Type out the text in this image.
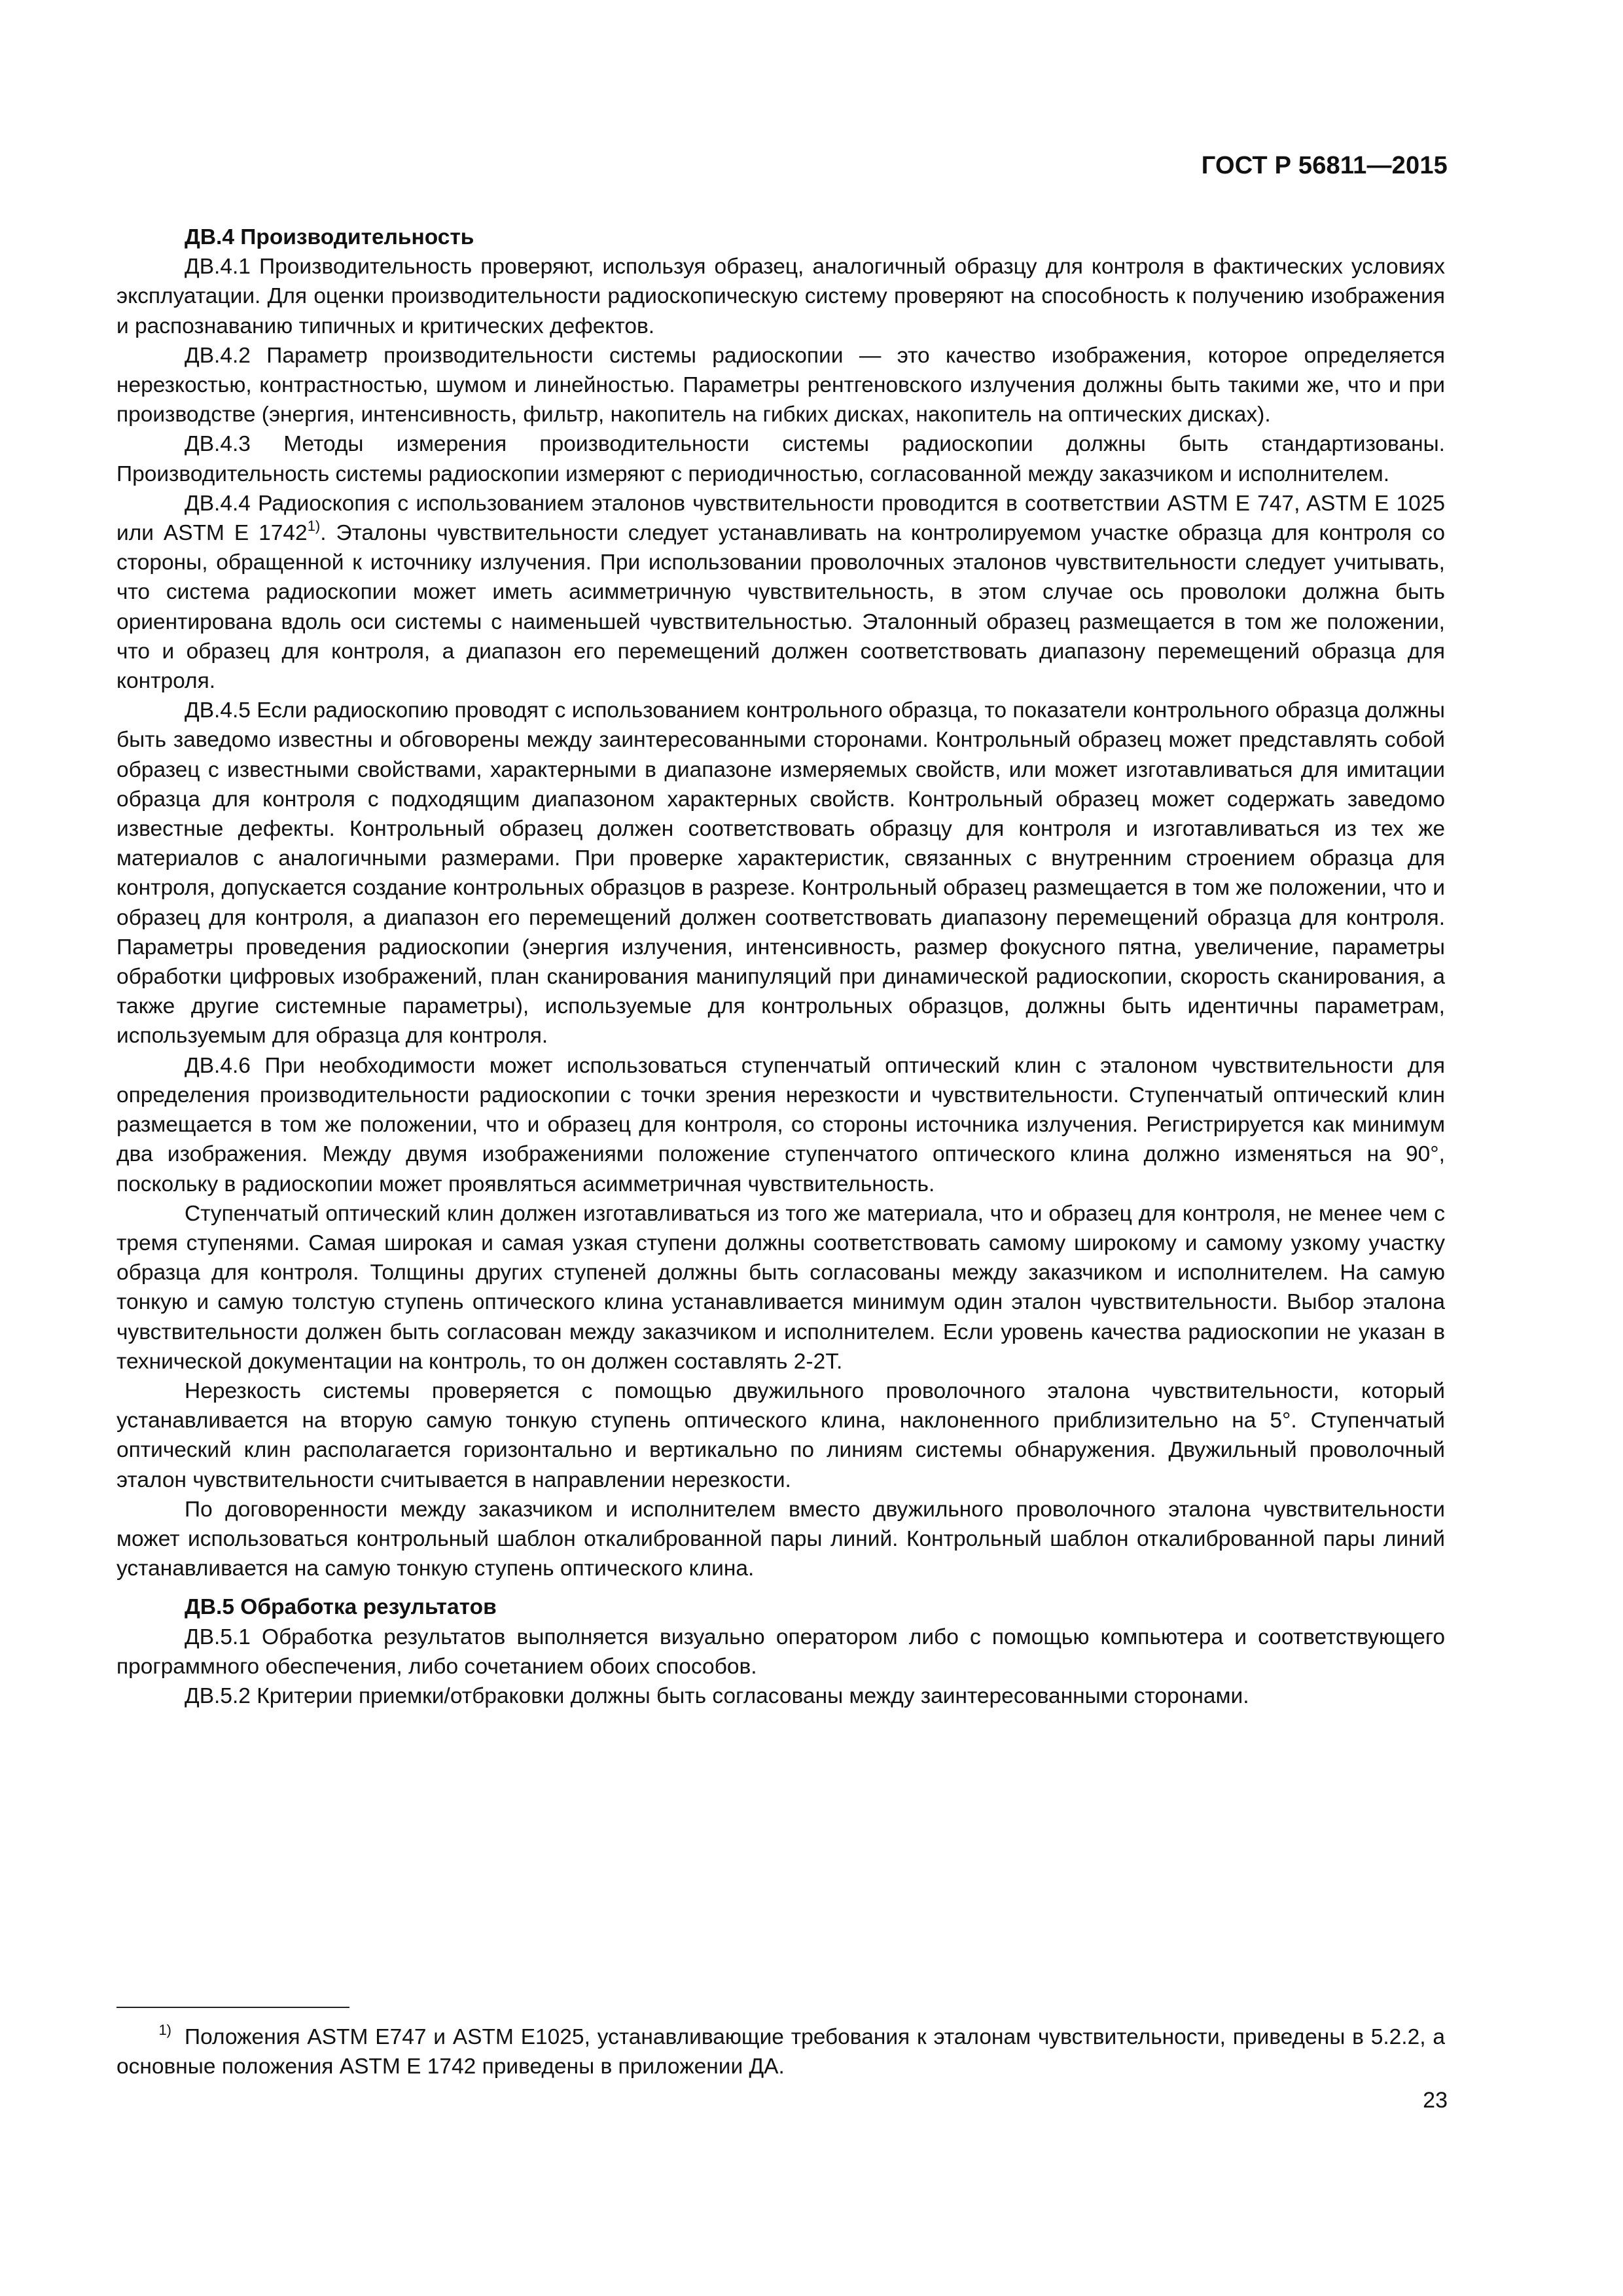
ГОСТ Р 56811—2015

ДВ.4 Производительность

ДВ.4.1 Производительность проверяют, используя образец, аналогичный образцу для контроля в фактических условиях эксплуатации. Для оценки производительности радиоскопическую систему проверяют на способность к получению изображения и распознаванию типичных и критических дефектов.

ДВ.4.2 Параметр производительности системы радиоскопии — это качество изображения, которое определяется нерезкостью, контрастностью, шумом и линейностью. Параметры рентгеновского излучения должны быть такими же, что и при производстве (энергия, интенсивность, фильтр, накопитель на гибких дисках, накопитель на оптических дисках).

ДВ.4.3 Методы измерения производительности системы радиоскопии должны быть стандартизованы. Производительность системы радиоскопии измеряют с периодичностью, согласованной между заказчиком и исполнителем.

ДВ.4.4 Радиоскопия с использованием эталонов чувствительности проводится в соответствии ASTM E 747, ASTM E 1025 или ASTM E 1742$^{1)}$. Эталоны чувствительности следует устанавливать на контролируемом участке образца для контроля со стороны, обращенной к источнику излучения. При использовании проволочных эталонов чувствительности следует учитывать, что система радиоскопии может иметь асимметричную чувствительность, в этом случае ось проволоки должна быть ориентирована вдоль оси системы с наименьшей чувствительностью. Эталонный образец размещается в том же положении, что и образец для контроля, а диапазон его перемещений должен соответствовать диапазону перемещений образца для контроля.

ДВ.4.5 Если радиоскопию проводят с использованием контрольного образца, то показатели контрольного образца должны быть заведомо известны и обговорены между заинтересованными сторонами. Контрольный образец может представлять собой образец с известными свойствами, характерными в диапазоне измеряемых свойств, или может изготавливаться для имитации образца для контроля с подходящим диапазоном характерных свойств. Контрольный образец может содержать заведомо известные дефекты. Контрольный образец должен соответствовать образцу для контроля и изготавливаться из тех же материалов с аналогичными размерами. При проверке характеристик, связанных с внутренним строением образца для контроля, допускается создание контрольных образцов в разрезе. Контрольный образец размещается в том же положении, что и образец для контроля, а диапазон его перемещений должен соответствовать диапазону перемещений образца для контроля. Параметры проведения радиоскопии (энергия излучения, интенсивность, размер фокусного пятна, увеличение, параметры обработки цифровых изображений, план сканирования манипуляций при динамической радиоскопии, скорость сканирования, а также другие системные параметры), используемые для контрольных образцов, должны быть идентичны параметрам, используемым для образца для контроля.

ДВ.4.6 При необходимости может использоваться ступенчатый оптический клин с эталоном чувствительности для определения производительности радиоскопии с точки зрения нерезкости и чувствительности. Ступенчатый оптический клин размещается в том же положении, что и образец для контроля, со стороны источника излучения. Регистрируется как минимум два изображения. Между двумя изображениями положение ступенчатого оптического клина должно изменяться на 90°, поскольку в радиоскопии может проявляться асимметричная чувствительность.

Ступенчатый оптический клин должен изготавливаться из того же материала, что и образец для контроля, не менее чем с тремя ступенями. Самая широкая и самая узкая ступени должны соответствовать самому широкому и самому узкому участку образца для контроля. Толщины других ступеней должны быть согласованы между заказчиком и исполнителем. На самую тонкую и самую толстую ступень оптического клина устанавливается минимум один эталон чувствительности. Выбор эталона чувствительности должен быть согласован между заказчиком и исполнителем. Если уровень качества радиоскопии не указан в технической документации на контроль, то он должен составлять 2-2T.

Нерезкость системы проверяется с помощью двужильного проволочного эталона чувствительности, который устанавливается на вторую самую тонкую ступень оптического клина, наклоненного приблизительно на 5°. Ступенчатый оптический клин располагается горизонтально и вертикально по линиям системы обнаружения. Двужильный проволочный эталон чувствительности считывается в направлении нерезкости.

По договоренности между заказчиком и исполнителем вместо двужильного проволочного эталона чувствительности может использоваться контрольный шаблон откалиброванной пары линий. Контрольный шаблон откалиброванной пары линий устанавливается на самую тонкую ступень оптического клина.

ДВ.5 Обработка результатов

ДВ.5.1 Обработка результатов выполняется визуально оператором либо с помощью компьютера и соответствующего программного обеспечения, либо сочетанием обоих способов.

ДВ.5.2 Критерии приемки/отбраковки должны быть согласованы между заинтересованными сторонами.

$^{1)}$ Положения ASTM E747 и ASTM E1025, устанавливающие требования к эталонам чувствительности, приведены в 5.2.2, а основные положения ASTM E 1742 приведены в приложении ДА.
23
